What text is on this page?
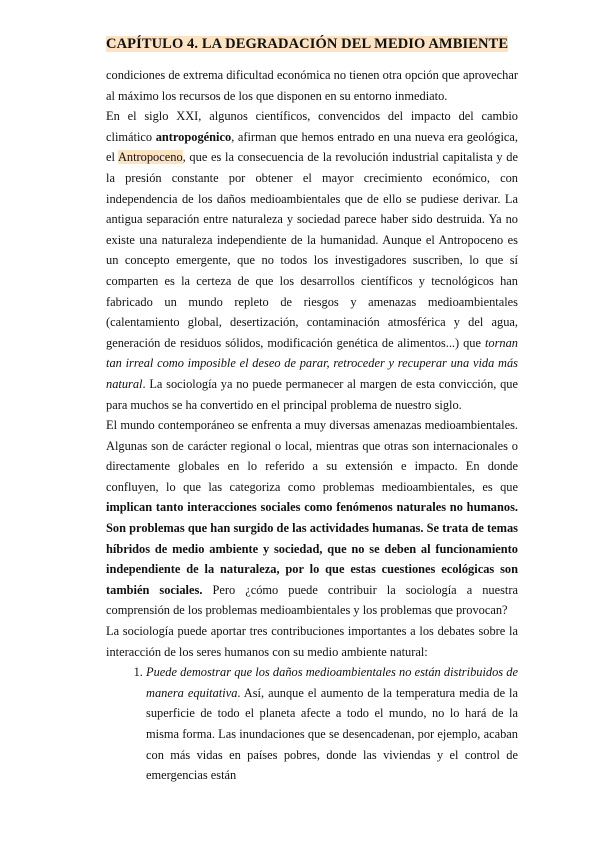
CAPÍTULO 4. LA DEGRADACIÓN DEL MEDIO AMBIENTE

condiciones de extrema dificultad económica no tienen otra opción que aprovechar al máximo los recursos de los que disponen en su entorno inmediato.

En el siglo XXI, algunos científicos, convencidos del impacto del cambio climático antropogénico, afirman que hemos entrado en una nueva era geológica, el Antropoceno, que es la consecuencia de la revolución industrial capitalista y de la presión constante por obtener el mayor crecimiento económico, con independencia de los daños medioambientales que de ello se pudiese derivar. La antigua separación entre naturaleza y sociedad parece haber sido destruida. Ya no existe una naturaleza independiente de la humanidad. Aunque el Antropoceno es un concepto emergente, que no todos los investigadores suscriben, lo que sí comparten es la certeza de que los desarrollos científicos y tecnológicos han fabricado un mundo repleto de riesgos y amenazas medioambientales (calentamiento global, desertización, contaminación atmosférica y del agua, generación de residuos sólidos, modificación genética de alimentos...) que tornan tan irreal como imposible el deseo de parar, retroceder y recuperar una vida más natural. La sociología ya no puede permanecer al margen de esta convicción, que para muchos se ha convertido en el principal problema de nuestro siglo.

El mundo contemporáneo se enfrenta a muy diversas amenazas medioambientales. Algunas son de carácter regional o local, mientras que otras son internacionales o directamente globales en lo referido a su extensión e impacto. En donde confluyen, lo que las categoriza como problemas medioambientales, es que implican tanto interacciones sociales como fenómenos naturales no humanos. Son problemas que han surgido de las actividades humanas. Se trata de temas híbridos de medio ambiente y sociedad, que no se deben al funcionamiento independiente de la naturaleza, por lo que estas cuestiones ecológicas son también sociales. Pero ¿cómo puede contribuir la sociología a nuestra comprensión de los problemas medioambientales y los problemas que provocan?

La sociología puede aportar tres contribuciones importantes a los debates sobre la interacción de los seres humanos con su medio ambiente natural:

1. Puede demostrar que los daños medioambientales no están distribuidos de manera equitativa. Así, aunque el aumento de la temperatura media de la superficie de todo el planeta afecte a todo el mundo, no lo hará de la misma forma. Las inundaciones que se desencadenan, por ejemplo, acaban con más vidas en países pobres, donde las viviendas y el control de emergencias están
